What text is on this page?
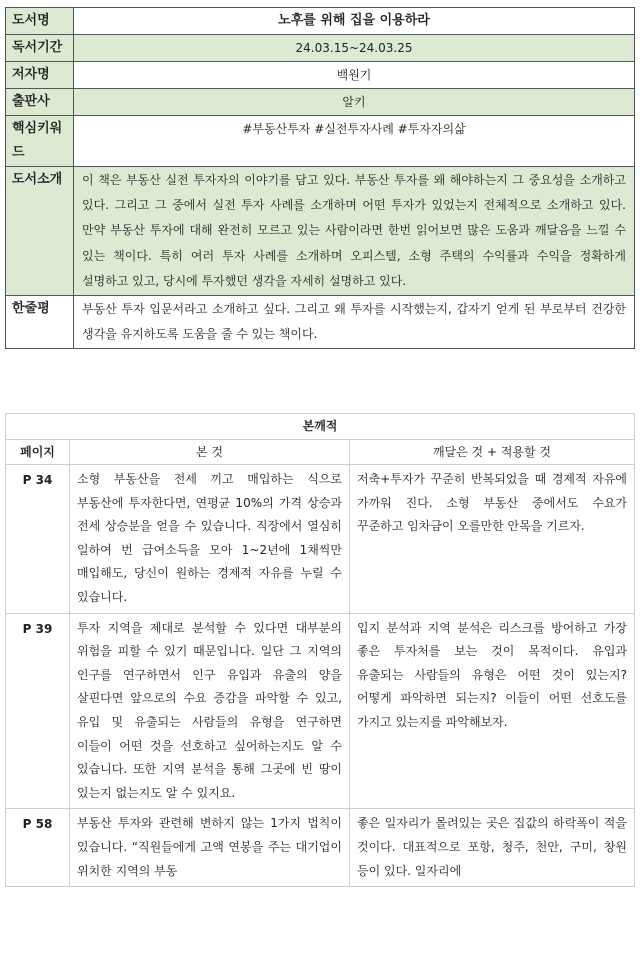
도서명	노후를 위해 집을 이용하라
독서기간	24.03.15~24.03.25
저자명	백원기
출판사	알키
핵심키워드	#부동산투자 #실전투자사례 #투자자의삶
도서소개	이 책은 부동산 실전 투자자의 이야기를 담고 있다. 부동산 투자를 왜 해야하는지 그 중요성을 소개하고 있다. 그리고 그 중에서 실전 투자 사례를 소개하며 어떤 투자가 있었는지 전체적으로 소개하고 있다. 만약 부동산 투자에 대해 완전히 모르고 있는 사람이라면 한번 읽어보면 많은 도움과 깨달음을 느낄 수 있는 책이다. 특히 여러 투자 사례를 소개하며 오피스텔, 소형 주택의 수익률과 수익을 정확하게 설명하고 있고, 당시에 투자했던 생각을 자세히 설명하고 있다.
한줄평	부동산 투자 입문서라고 소개하고 싶다. 그리고 왜 투자를 시작했는지, 갑자기 얻게 된 부로부터 건강한 생각을 유지하도록 도움을 줄 수 있는 책이다.
본깨적		
페이지	본 것	깨달은 것 + 적용할 것
P 34	소형 부동산을 전세 끼고 매입하는 식으로 부동산에 투자한다면, 연평균 10%의 가격 상승과 전세 상승분을 얻을 수 있습니다. 직장에서 열심히 일하여 번 급여소득을 모아 1~2년에 1채씩만 매입해도, 당신이 원하는 경제적 자유를 누릴 수 있습니다.	저축+투자가 꾸준히 반복되었을 때 경제적 자유에 가까워 진다. 소형 부동산 중에서도 수요가 꾸준하고 임차금이 오를만한 안목을 기르자.
P 39	투자 지역을 제대로 분석할 수 있다면 대부분의 위험을 피할 수 있기 때문입니다. 일단 그 지역의 인구를 연구하면서 인구 유입과 유출의 양을 살핀다면 앞으로의 수요 증감을 파악할 수 있고, 유입 및 유출되는 사람들의 유형을 연구하면 이들이 어떤 것을 선호하고 싶어하는지도 알 수 있습니다. 또한 지역 분석을 통해 그곳에 빈 땅이 있는지 없는지도 알 수 있지요.	입지 분석과 지역 분석은 리스크를 방어하고 가장 좋은 투자처를 보는 것이 목적이다. 유입과 유출되는 사람들의 유형은 어떤 것이 있는지? 어떻게 파악하면 되는지? 이들이 어떤 선호도를 가지고 있는지를 파악해보자.
P 58	부동산 투자와 관련해 변하지 않는 1가지 법칙이 있습니다. “직원들에게 고액 연봉을 주는 대기업이 위치한 지역의 부동	좋은 일자리가 몰려있는 곳은 집값의 하락폭이 적을 것이다. 대표적으로 포항, 청주, 천안, 구미, 창원 등이 있다. 일자리에
